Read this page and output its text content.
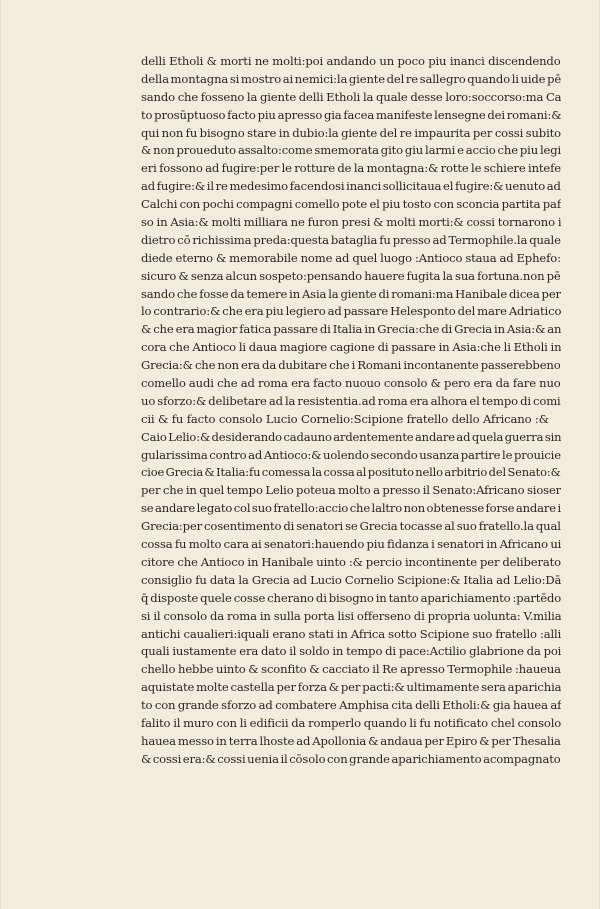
delli Etholi & morti ne molti:poi andando un poco piu inanci discendendo
della montagna si mostro ai nemici:la giente del re sallegro quando li uide pē
sando che fosseno la giente delli Etholi la quale desse loro:soccorso:ma Ca
to prosūptuoso facto piu apresso gia facea manifeste lensegne dei romani:&
qui non fu bisogno stare in dubio:la giente del re impaurita per cossi subito
& non proueduto assalto:come smemorata gito giu larmi e accio che piu legi
eri fossono ad fugire:per le rotture de la montagna:& rotte le schiere intefe
ad fugire:& il re medesimo facendosi inanci sollicitaua el fugire:& uenuto ad
Calchi con pochi compagni comello pote el piu tosto con sconcia partita paf
so in Asia:& molti milliara ne furon presi & molti morti:& cossi tornarono i
dietro cō richissima preda:questa bataglia fu presso ad Termophile.la quale
diede eterno & memorabile nome ad quel luogo :Antioco staua ad Ephefo:
sicuro & senza alcun sospeto:pensando hauere fugita la sua fortuna.non pē
sando che fosse da temere in Asia la giente di romani:ma Hanibale dicea per
lo contrario:& che era piu legiero ad passare Helesponto del mare Adriatico
& che era magior fatica passare di Italia in Grecia:che di Grecia in Asia:& an
cora che Antioco li daua magiore cagione di passare in Asia:che li Etholi in
Grecia:& che non era da dubitare che i Romani incontanente passerebbeno
comello audi che ad roma era facto nuouo consolo & pero era da fare nuo
uo sforzo:& delibetare ad la resistentia.ad roma era alhora el tempo di comi
cii & fu facto consolo Lucio Cornelio:Scipione fratello dello Africano :&
Caio Lelio:& desiderando cadauno ardentemente andare ad quela guerra sin
gularissima contro ad Antioco:& uolendo secondo usanza partire le prouicie
cioe Grecia & Italia:fu comessa la cossa al posituto nello arbitrio del Senato:&
per che in quel tempo Lelio poteua molto a presso il Senato:Africano sioser
se andare legato col suo fratello:accio che laltro non obtenesse forse andare i
Grecia:per cosentimento di senatori se Grecia tocasse al suo fratello.la qual
cossa fu molto cara ai senatori:hauendo piu fidanza i senatori in Africano ui
citore che Antioco in Hanibale uinto :& percio incontinente per deliberato
consiglio fu data la Grecia ad Lucio Cornelio Scipione:& Italia ad Lelio:Dā
q̄ disposte quele cosse cherano di bisogno in tanto aparichiamento :partēdo
si il consolo da roma in sulla porta lisi offerseno di propria uolunta: V.milia
antichi caualieri:iquali erano stati in Africa sotto Scipione suo fratello :alli
quali iustamente era dato il soldo in tempo di pace:Actilio glabrione da poi
chello hebbe uinto & sconfito & cacciato il Re apresso Termophile :haueua
aquistate molte castella per forza & per pacti:& ultimamente sera aparichia
to con grande sforzo ad combatere Amphisa cita delli Etholi:& gia hauea af
falito il muro con li edificii da romperlo quando li fu notificato chel consolo
hauea messo in terra lhoste ad Apollonia & andaua per Epiro & per Thesalia
& cossi era:& cossi uenia il cōsolo con grande aparichiamento acompagnato
